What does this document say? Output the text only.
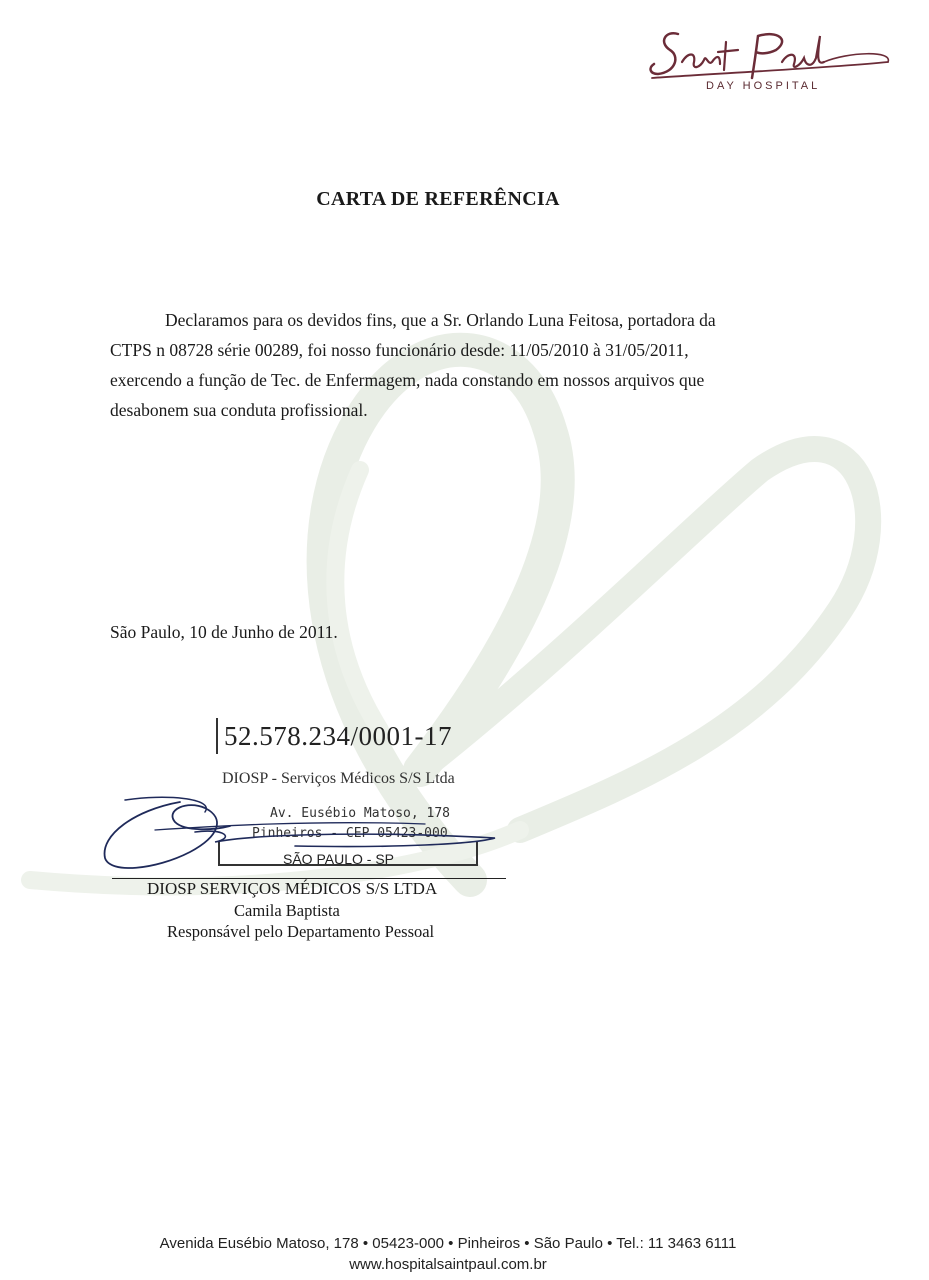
DAY HOSPITAL
CARTA DE REFERÊNCIA
Declaramos para os devidos fins, que a Sr. Orlando Luna Feitosa, portadora da
CTPS n 08728 série 00289, foi nosso funcionário desde: 11/05/2010 à 31/05/2011,
exercendo a função de Tec. de Enfermagem, nada constando em nossos arquivos que
desabonem sua conduta profissional.
São Paulo, 10 de Junho de 2011.
52.578.234/0001-17
DIOSP - Serviços Médicos S/S Ltda
Av. Eusébio Matoso, 178
Pinheiros - CEP 05423-000
SÃO PAULO - SP
DIOSP SERVIÇOS MÉDICOS S/S LTDA
Camila Baptista
Responsável pelo Departamento Pessoal
Avenida Eusébio Matoso, 178 • 05423-000 • Pinheiros • São Paulo • Tel.: 11 3463 6111
www.hospitalsaintpaul.com.br
